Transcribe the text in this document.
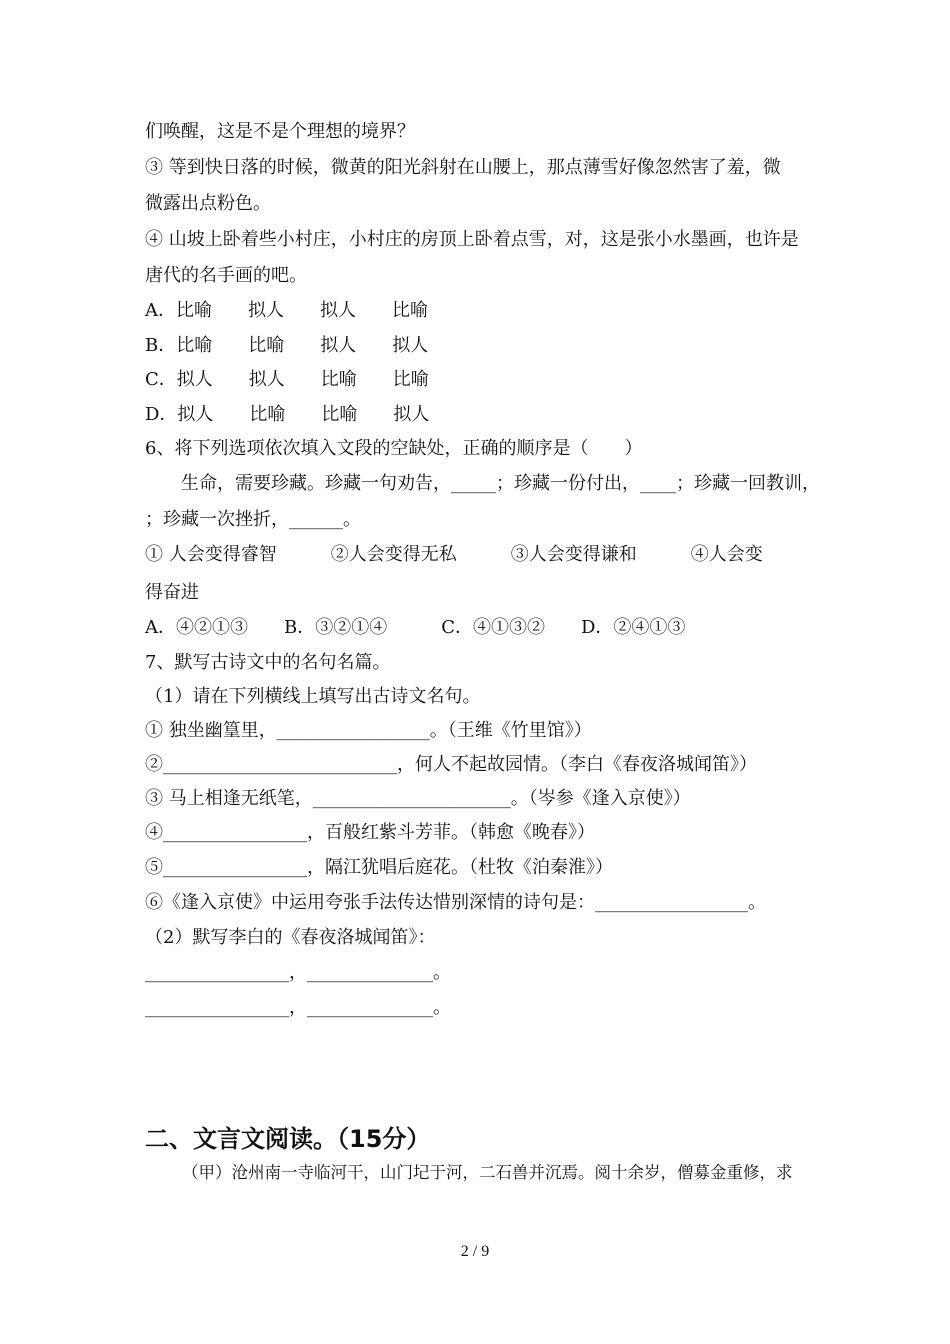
们唤醒，这是不是个理想的境界？
③ 等到快日落的时候，微黄的阳光斜射在山腰上，那点薄雪好像忽然害了羞，微
微露出点粉色。
④ 山坡上卧着些小村庄，小村庄的房顶上卧着点雪，对，这是张小水墨画，也许是
唐代的名手画的吧。
A．比喻　　拟人　　拟人　　比喻
B．比喻　　比喻　　拟人　　拟人
C．拟人　　拟人　　比喻　　比喻
D．拟人　　比喻　　比喻　　拟人
6、将下列选项依次填入文段的空缺处，正确的顺序是（　　）
　　生命，需要珍藏。珍藏一句劝告，_____；珍藏一份付出，____；珍藏一回教训，
；珍藏一次挫折，______。
① 人会变得睿智　　　②人会变得无私　　　③人会变得谦和　　　④人会变
得奋进
A．④②①③　　B．③②①④　　　C．④①③②　　D．②④①③
7、默写古诗文中的名句名篇。
（1）请在下列横线上填写出古诗文名句。
① 独坐幽篁里，_________________。（王维《竹里馆》）
②__________________________，何人不起故园情。（李白《春夜洛城闻笛》）
③ 马上相逢无纸笔，______________________。（岑参《逢入京使》）
④________________，百般红紫斗芳菲。（韩愈《晚春》）
⑤________________，隔江犹唱后庭花。（杜牧《泊秦淮》）
⑥《逢入京使》中运用夸张手法传达惜别深情的诗句是：_________________。
（2）默写李白的《春夜洛城闻笛》：
________________，______________。
________________，______________。
二、文言文阅读。（15分）
（甲）沧州南一寺临河干，山门圮于河，二石兽并沉焉。阅十余岁，僧募金重修，求
2 / 9
